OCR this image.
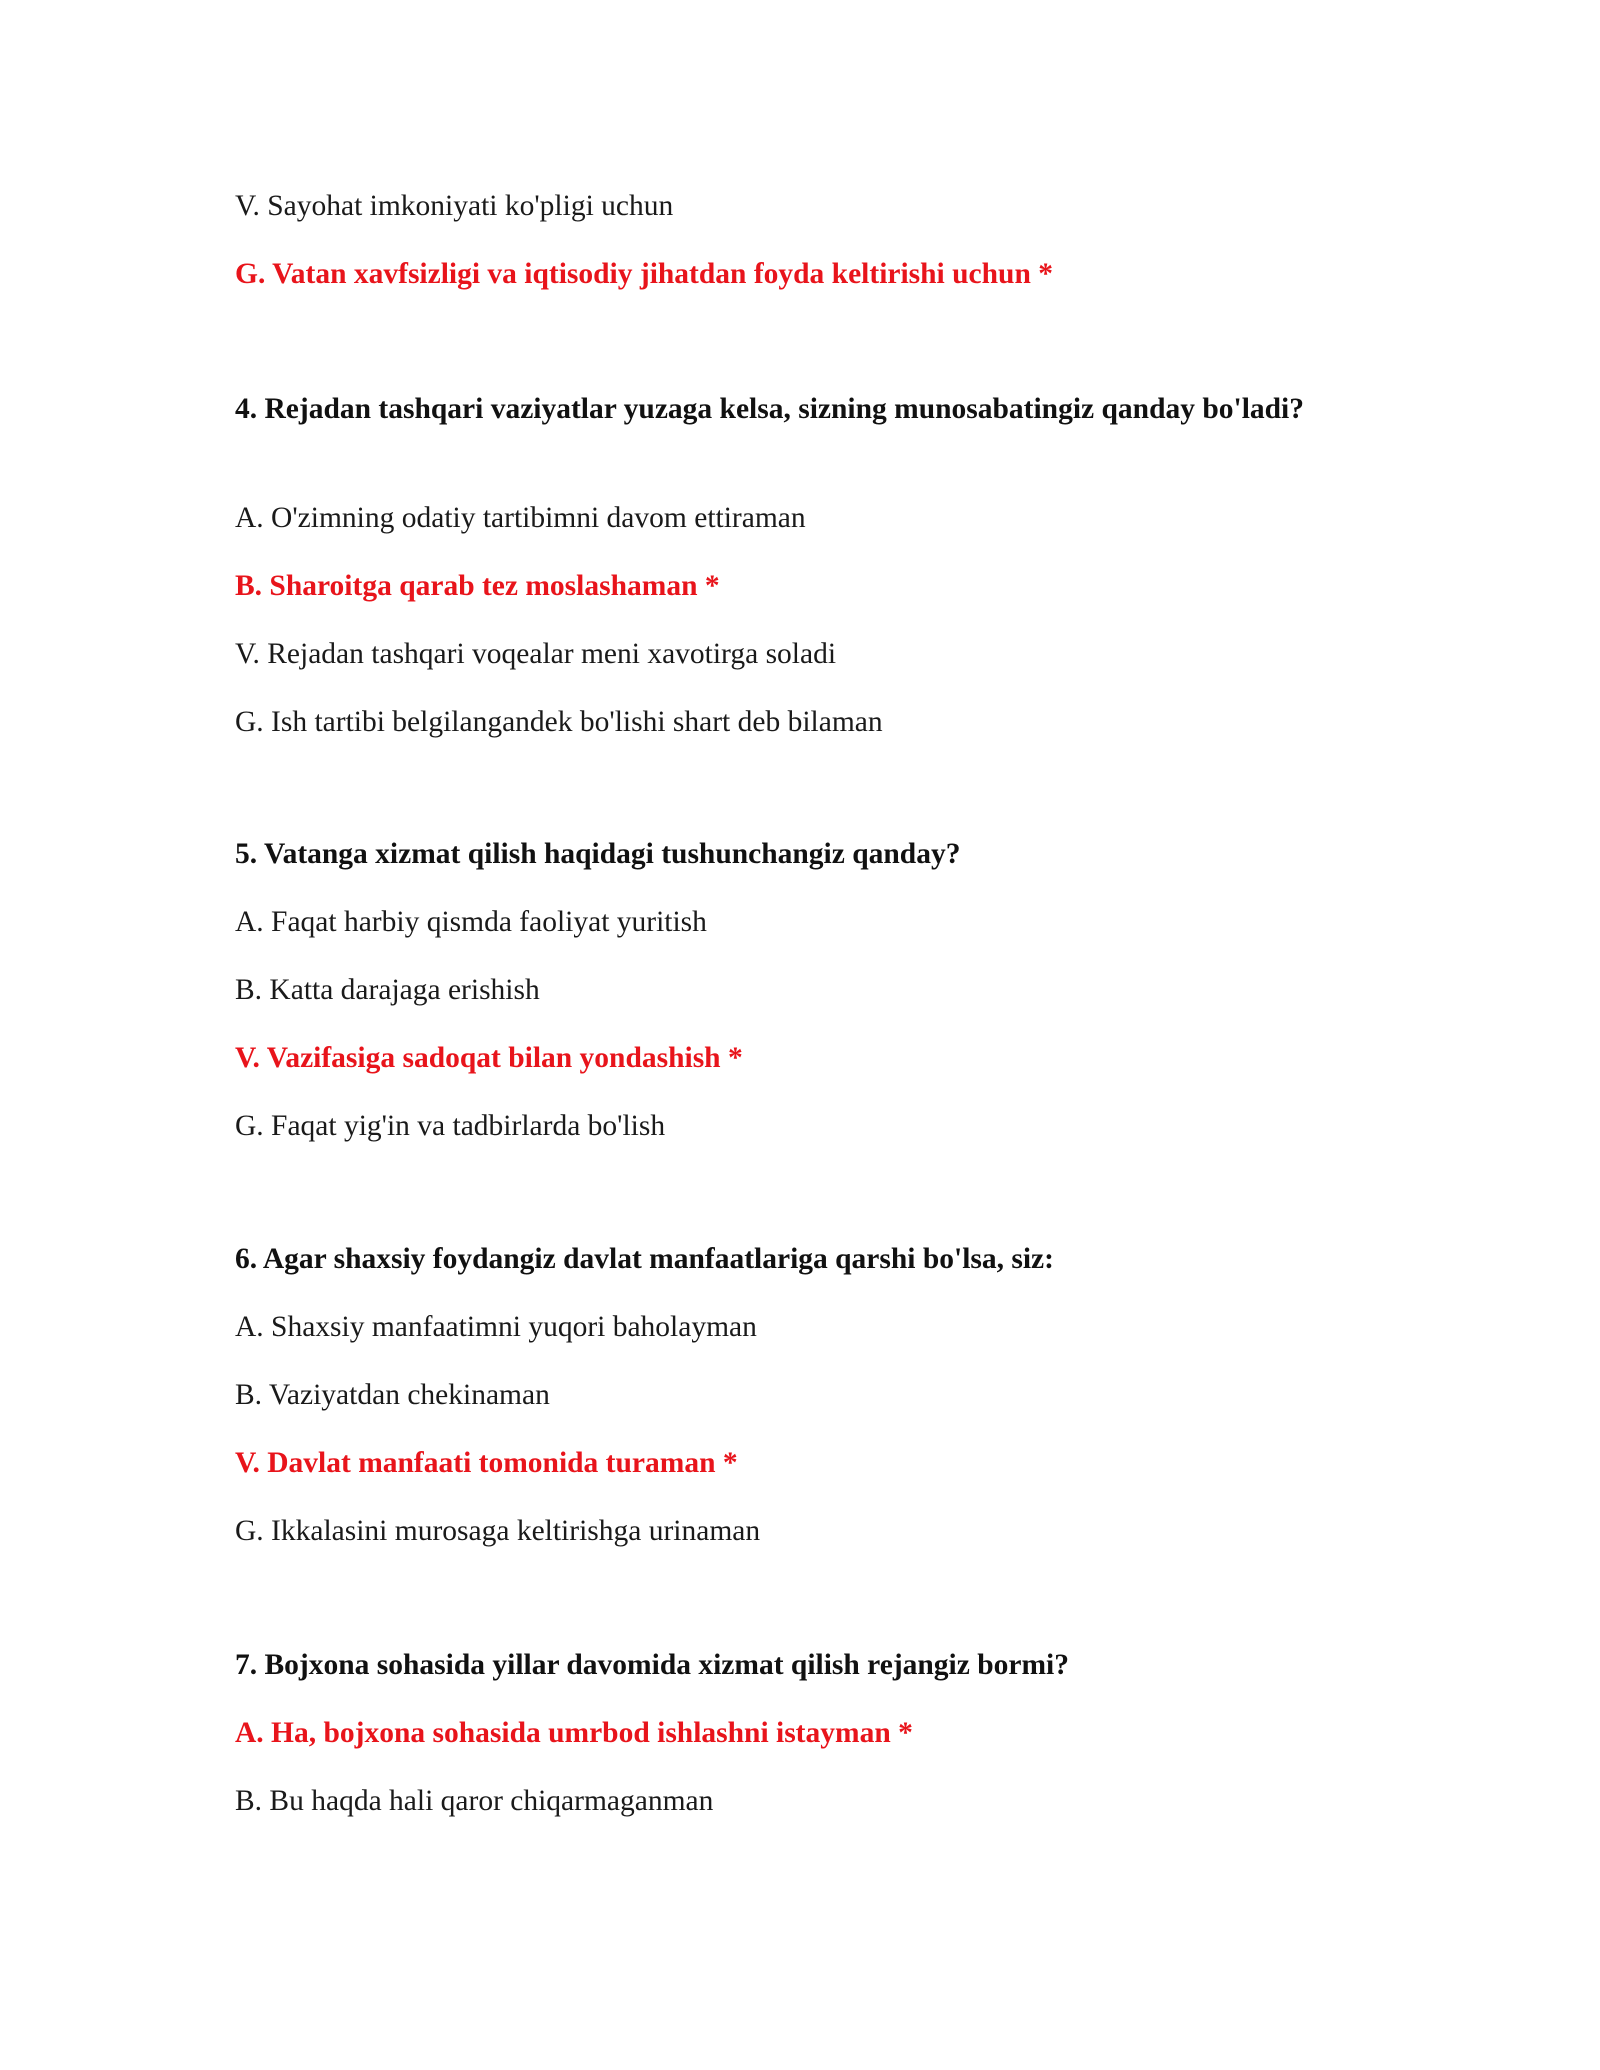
V. Sayohat imkoniyati ko'pligi uchun

G. Vatan xavfsizligi va iqtisodiy jihatdan foyda keltirishi uchun *

4. Rejadan tashqari vaziyatlar yuzaga kelsa, sizning munosabatingiz qanday bo'ladi?

A. O'zimning odatiy tartibimni davom ettiraman

B. Sharoitga qarab tez moslashaman *

V. Rejadan tashqari voqealar meni xavotirga soladi

G. Ish tartibi belgilangandek bo'lishi shart deb bilaman

5. Vatanga xizmat qilish haqidagi tushunchangiz qanday?

A. Faqat harbiy qismda faoliyat yuritish

B. Katta darajaga erishish

V. Vazifasiga sadoqat bilan yondashish *

G. Faqat yig'in va tadbirlarda bo'lish

6. Agar shaxsiy foydangiz davlat manfaatlariga qarshi bo'lsa, siz:

A. Shaxsiy manfaatimni yuqori baholayman

B. Vaziyatdan chekinaman

V. Davlat manfaati tomonida turaman *

G. Ikkalasini murosaga keltirishga urinaman

7. Bojxona sohasida yillar davomida xizmat qilish rejangiz bormi?

A. Ha, bojxona sohasida umrbod ishlashni istayman *

B. Bu haqda hali qaror chiqarmaganman
